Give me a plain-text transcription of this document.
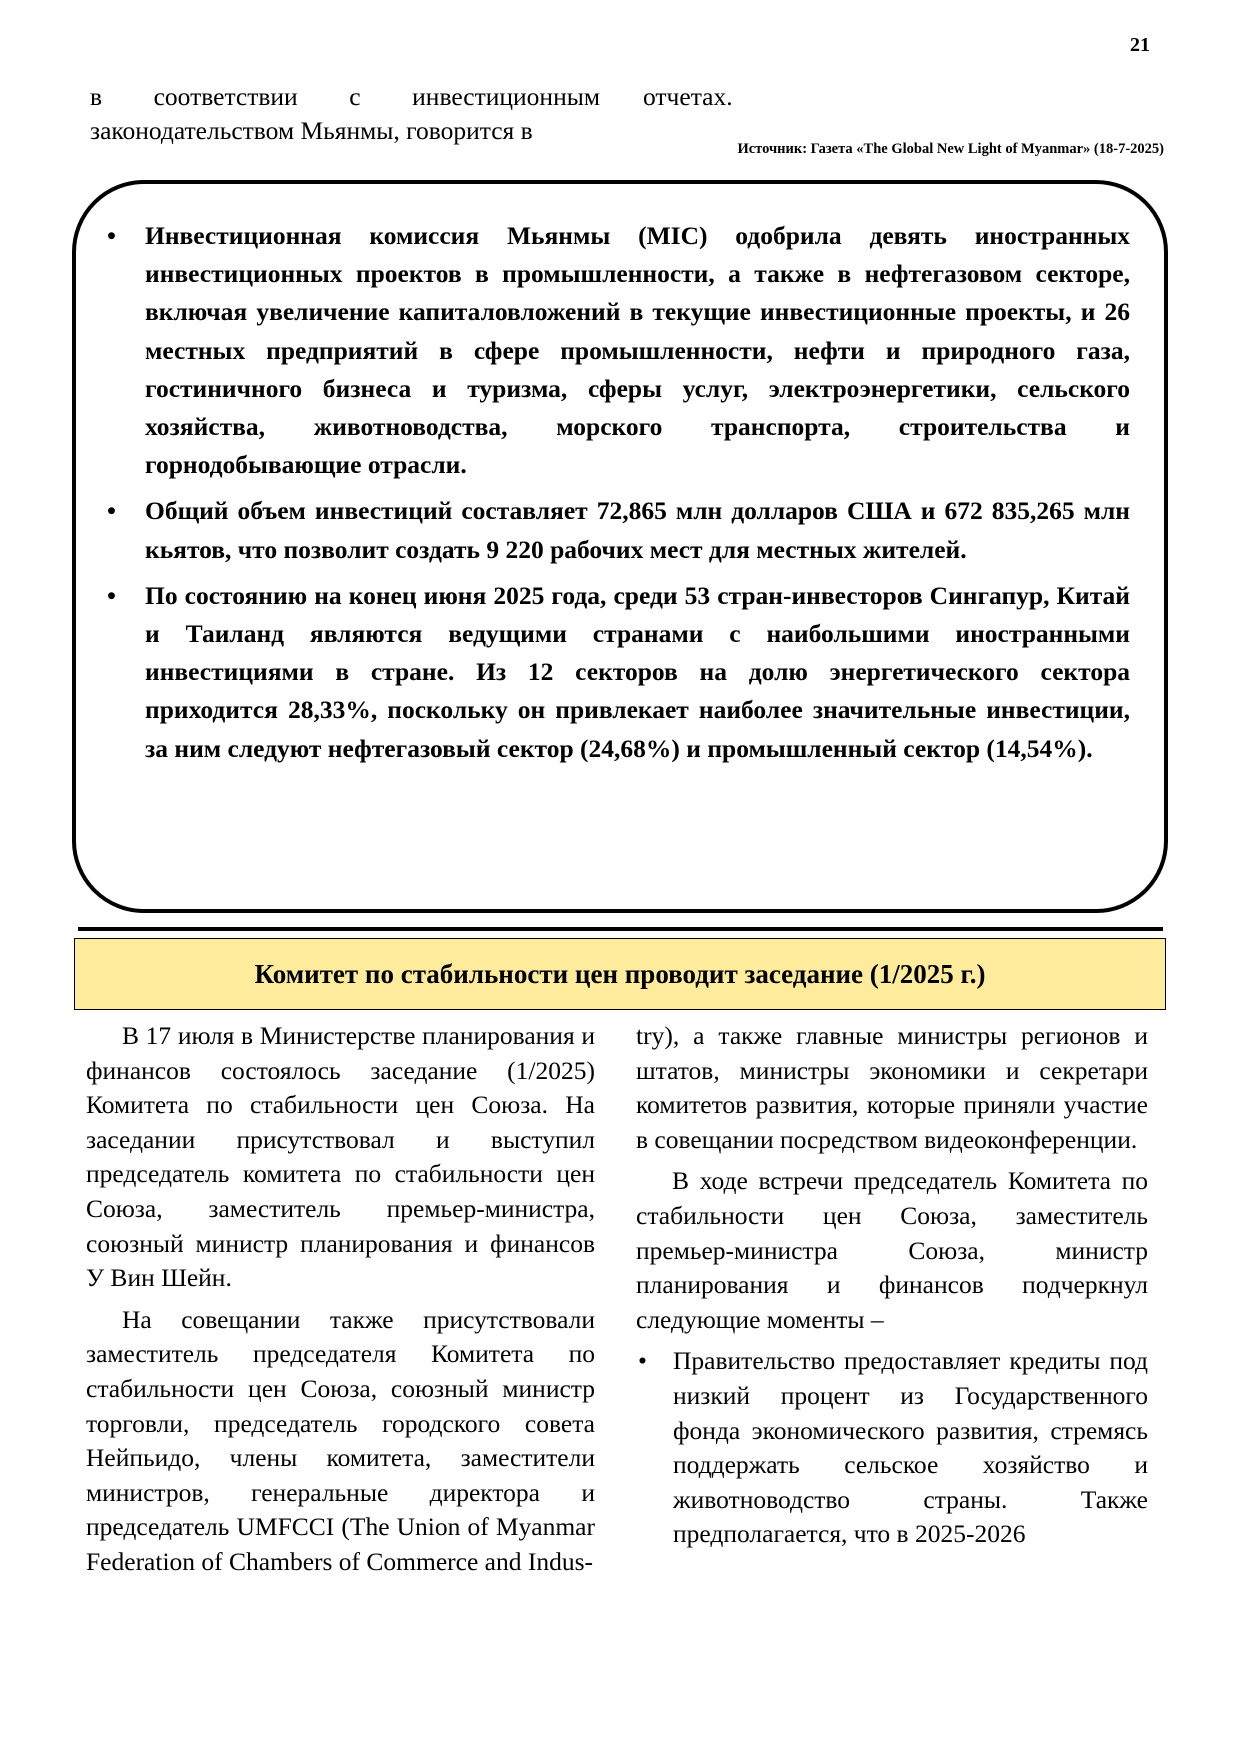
21
в соответствии с инвестиционным
законодательством Мьянмы, говорится в
отчетах.
Источник: Газета «The Global New Light of Myanmar» (18-7-2025)
•	Инвестиционная комиссия Мьянмы (MIC) одобрила девять иностранных инвестиционных проектов в промышленности, а также в нефтегазовом секторе, включая увеличение капиталовложений в текущие инвестиционные проекты, и 26 местных предприятий в сфере промышленности, нефти и природного газа, гостиничного бизнеса и туризма, сферы услуг, электроэнергетики, сельского хозяйства, животноводства, морского транспорта, строительства и горнодобывающие отрасли.
•	Общий объем инвестиций составляет 72,865 млн долларов США и 672 835,265 млн кьятов, что позволит создать 9 220 рабочих мест для местных жителей.
•	По состоянию на конец июня 2025 года, среди 53 стран-инвесторов Сингапур, Китай и Таиланд являются ведущими странами с наибольшими иностранными инвестициями в стране. Из 12 секторов на долю энергетического сектора приходится 28,33%, поскольку он привлекает наиболее значительные инвестиции, за ним следуют нефтегазовый сектор (24,68%) и промышленный сектор (14,54%).
Комитет по стабильности цен проводит заседание (1/2025 г.)

В 17 июля в Министерстве планирования и финансов состоялось заседание (1/2025) Комитета по стабильности цен Союза. На заседании присутствовал и выступил председатель комитета по стабильности цен Союза, заместитель премьер-министра, союзный министр планирования и финансов У Вин Шейн.

На совещании также присутствовали заместитель председателя Комитета по стабильности цен Союза, союзный министр торговли, председатель городского совета Нейпьидо, члены комитета, заместители министров, генеральные директора и председатель UMFCCI (The Union of Myanmar Federation of Chambers of Commerce and Indus-

try), а также главные министры регионов и штатов, министры экономики и секретари комитетов развития, которые приняли участие в совещании посредством видеоконференции.

В ходе встречи председатель Комитета по стабильности цен Союза, заместитель премьер-министра Союза, министр планирования и финансов подчеркнул следующие моменты –

• Правительство предоставляет кредиты под низкий процент из Государственного фонда экономического развития, стремясь поддержать сельское хозяйство и животноводство страны. Также предполагается, что в 2025-2026
